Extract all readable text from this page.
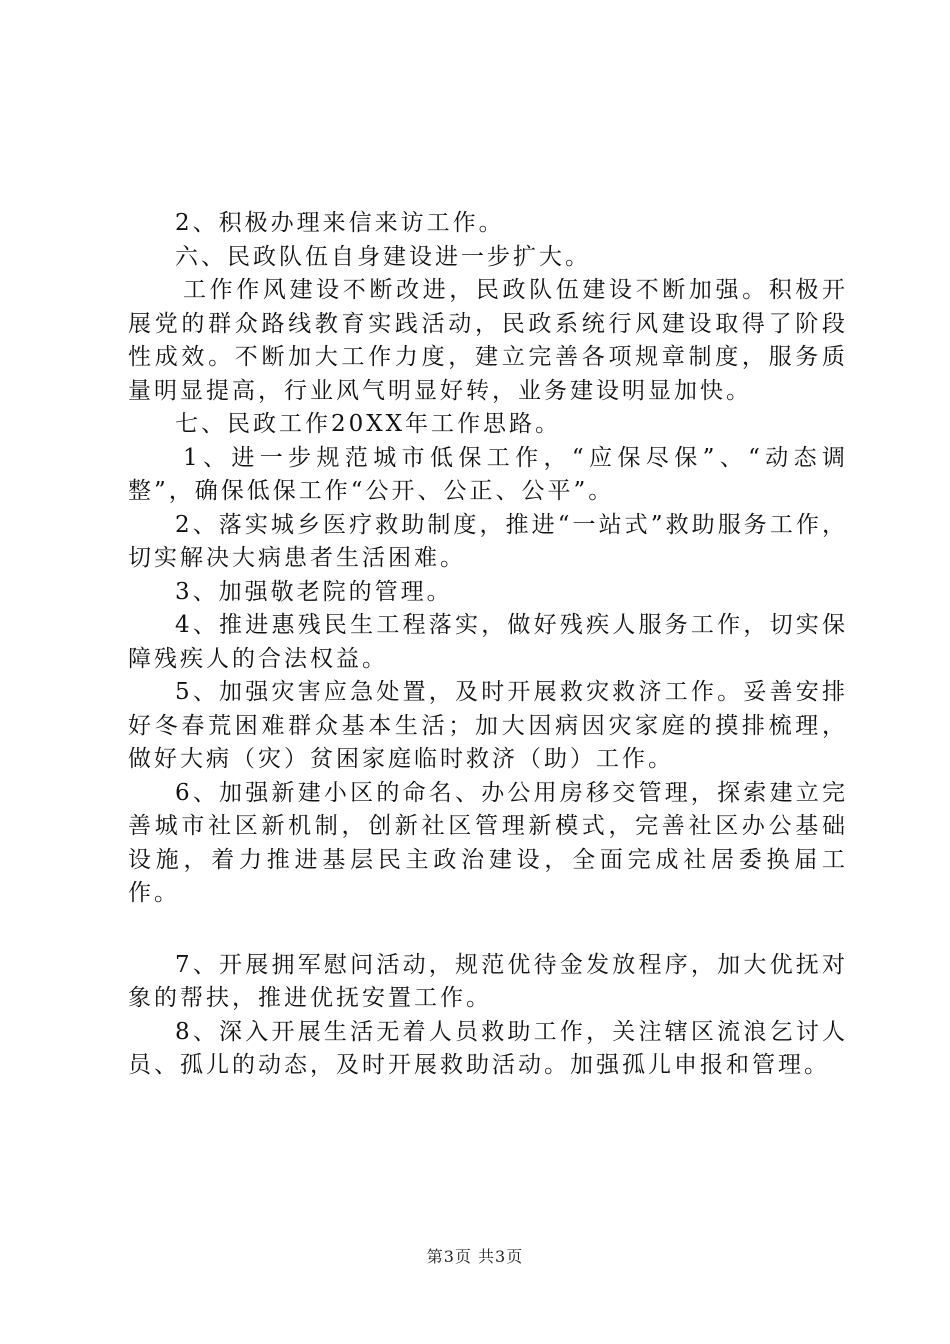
2、积极办理来信来访工作。

六、民政队伍自身建设进一步扩大。

工作作风建设不断改进，民政队伍建设不断加强。积极开展党的群众路线教育实践活动，民政系统行风建设取得了阶段性成效。不断加大工作力度，建立完善各项规章制度，服务质量明显提高，行业风气明显好转，业务建设明显加快。

七、民政工作20XX年工作思路。

1、进一步规范城市低保工作，“应保尽保”、“动态调整”，确保低保工作“公开、公正、公平”。

2、落实城乡医疗救助制度，推进“一站式”救助服务工作，切实解决大病患者生活困难。

3、加强敬老院的管理。

4、推进惠残民生工程落实，做好残疾人服务工作，切实保障残疾人的合法权益。

5、加强灾害应急处置，及时开展救灾救济工作。妥善安排好冬春荒困难群众基本生活；加大因病因灾家庭的摸排梳理，做好大病（灾）贫困家庭临时救济（助）工作。

6、加强新建小区的命名、办公用房移交管理，探索建立完善城市社区新机制，创新社区管理新模式，完善社区办公基础设施，着力推进基层民主政治建设，全面完成社居委换届工作。

7、开展拥军慰问活动，规范优待金发放程序，加大优抚对象的帮扶，推进优抚安置工作。

8、深入开展生活无着人员救助工作，关注辖区流浪乞讨人员、孤儿的动态，及时开展救助活动。加强孤儿申报和管理。

第3页 共3页
